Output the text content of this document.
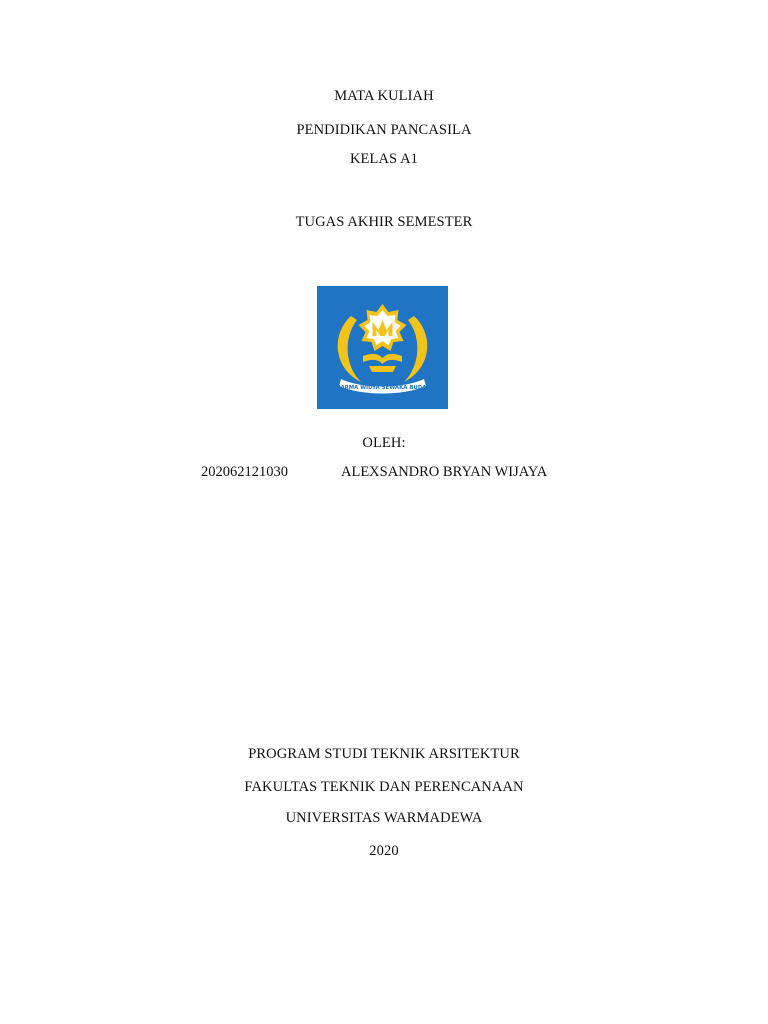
MATA KULIAH
PENDIDIKAN PANCASILA
KELAS A1
TUGAS AKHIR SEMESTER
DHARMA WIDYA SEWAKA BUDAYA
OLEH:
202062121030	ALEXSANDRO BRYAN WIJAYA
PROGRAM STUDI TEKNIK ARSITEKTUR
FAKULTAS TEKNIK DAN PERENCANAAN
UNIVERSITAS WARMADEWA
2020
